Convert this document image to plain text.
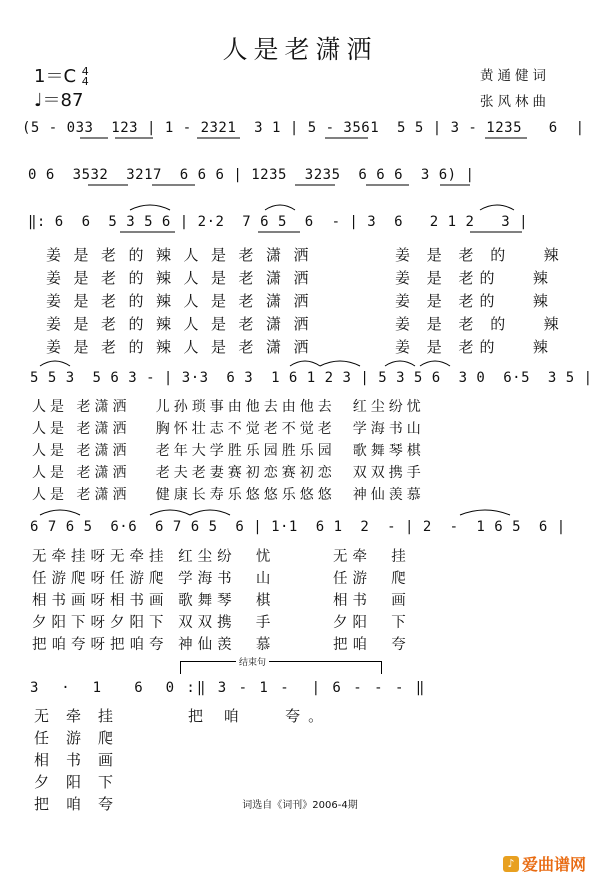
人是老潇洒
1＝C 4
4
♩＝87
黄通健词
张风林曲
(5 - 033  123 | 1 - 2321  3 1 | 5 - 3561  5 5 | 3 - 1235   6  |
0 6  3532  3217  6 6 6 | 1235  3235  6 6 6  3 6) |
‖: 6  6  5 3 5 6 | 2·2  7 6 5  6  - | 3  6   2 1 2   3 |
姜是老的辣人是老潇洒
姜是老的辣人是老潇洒
姜是老的辣人是老潇洒
姜是老的辣人是老潇洒
姜是老的辣人是老潇洒
姜 是 老 的   辣
姜 是 老的   辣
姜 是 老的   辣
姜 是 老 的   辣
姜 是 老的   辣
5 5 3  5 6 3 - | 3·3  6 3  1 6 1 2 3 | 5 3 5 6  3 0  6·5  3 5 |
人是 老潇洒   儿孙琐事由他去由他去  红尘纷忧
人是 老潇洒   胸怀壮志不觉老不觉老  学海书山
人是 老潇洒   老年大学胜乐园胜乐园  歌舞琴棋
人是 老潇洒   老夫老妻赛初恋赛初恋  双双携手
人是 老潇洒   健康长寿乐悠悠乐悠悠  神仙羡慕
6 7 6 5  6·6  6 7 6 5  6 | 1·1  6 1  2  - | 2  -  1 6 5  6 |
无牵挂呀无牵挂 红尘纷  忧      无牵  挂
任游爬呀任游爬 学海书  山      任游  爬
相书画呀相书画 歌舞琴  棋      相书  画
夕阳下呀夕阳下 双双携  手      夕阳  下
把咱夸呀把咱夸 神仙羡  慕      把咱  夸
结束句
3  ·  1   6  0 :‖ 3 - 1 -  | 6 - - - ‖
无牵挂
任游爬
相书画
夕阳下
把咱夸
把 咱   夸。
词选自《词刊》2006-4期
♪ 爱曲谱网
